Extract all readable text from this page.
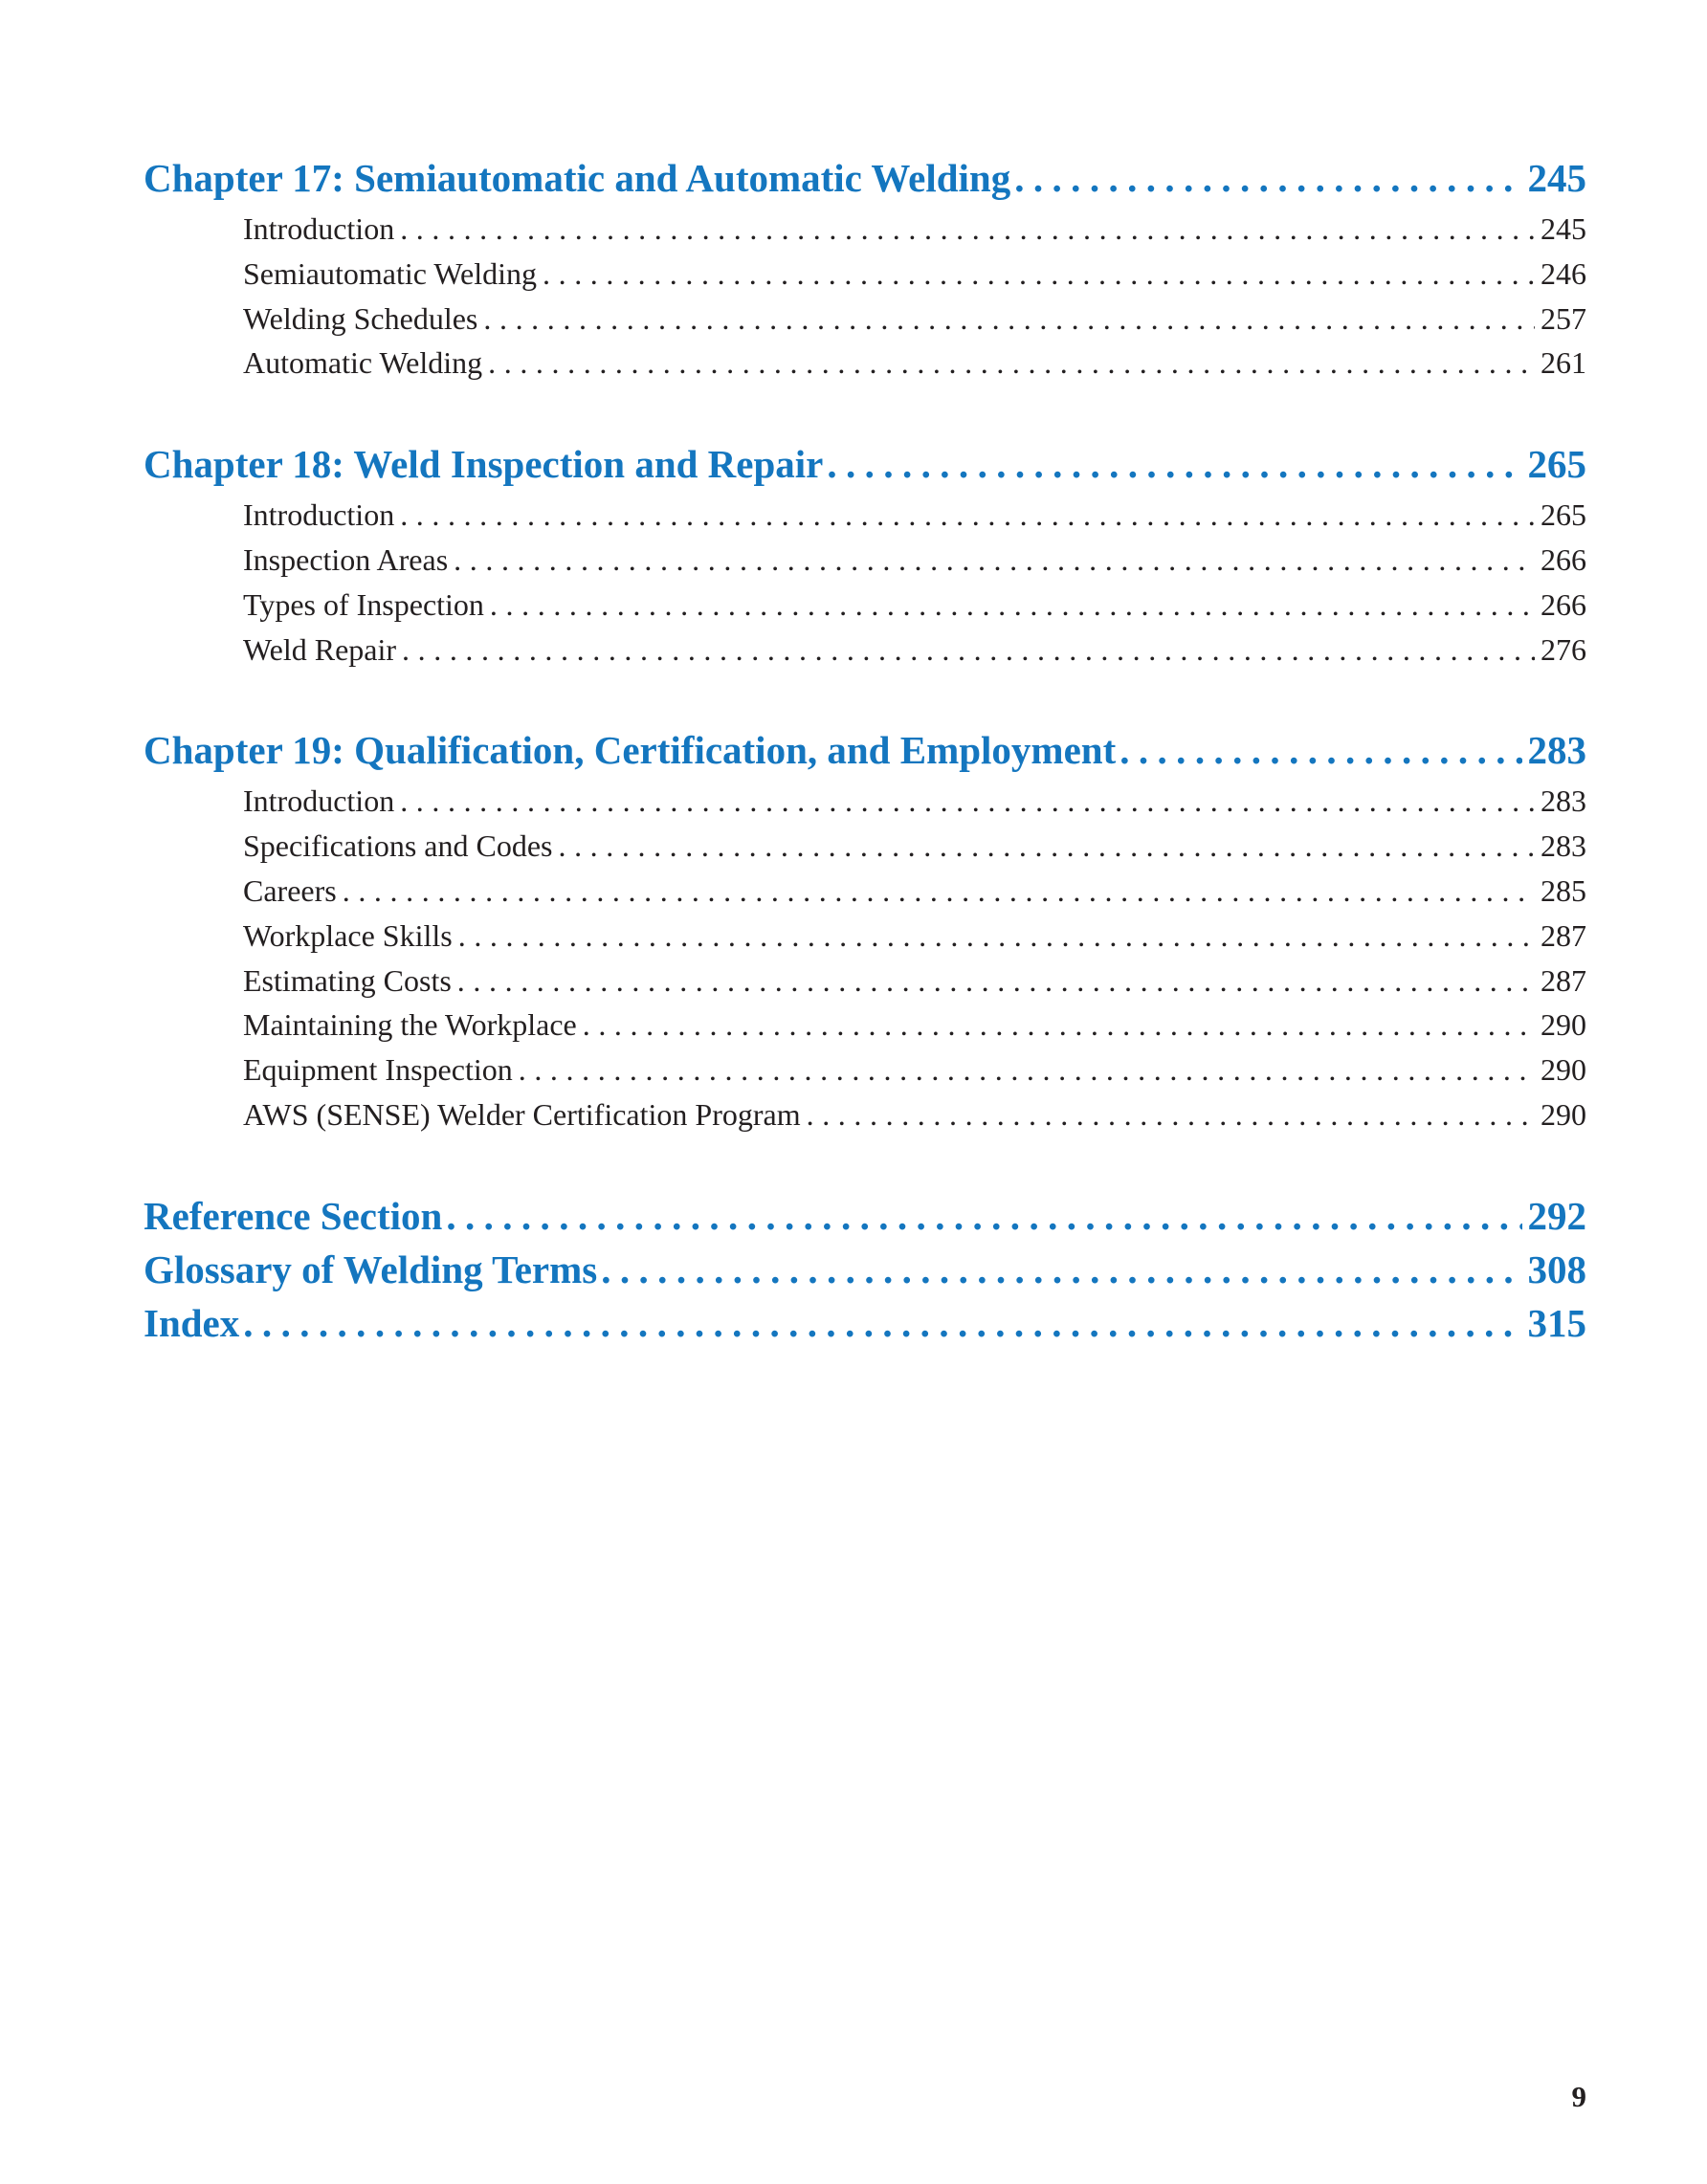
Chapter 17: Semiautomatic and Automatic Welding .....	245
Introduction .....	245
Semiautomatic Welding .....	246
Welding Schedules .....	257
Automatic Welding .....	261
Chapter 18: Weld Inspection and Repair .....	265
Introduction .....	265
Inspection Areas .....	266
Types of Inspection .....	266
Weld Repair .....	276
Chapter 19: Qualification, Certification, and Employment .....	283
Introduction .....	283
Specifications and Codes .....	283
Careers .....	285
Workplace Skills .....	287
Estimating Costs .....	287
Maintaining the Workplace .....	290
Equipment Inspection .....	290
AWS (SENSE) Welder Certification Program .....	290
Reference Section .....	292
Glossary of Welding Terms .....	308
Index .....	315
9
